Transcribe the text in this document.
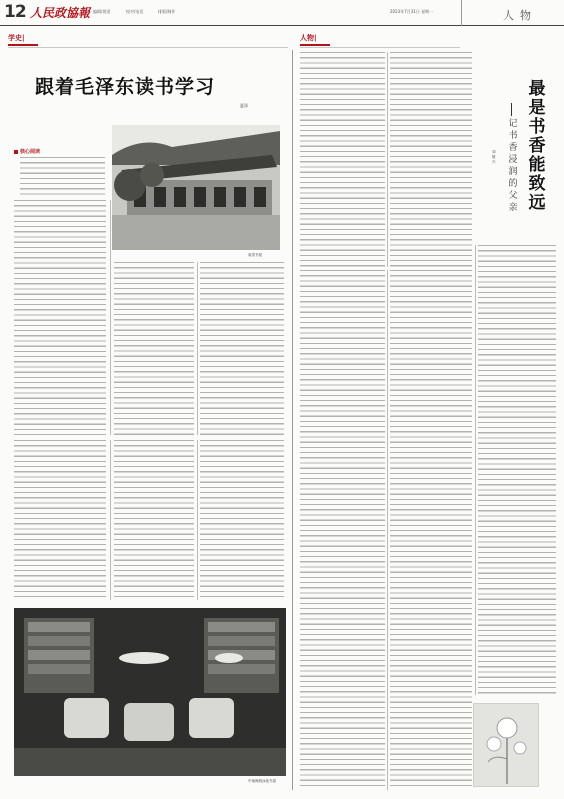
12 人民政協報 编辑/视觉	校对/电话	排版/制作	2023年7月31日 星期一	人物
学史|	人物|
跟着毛泽东读书学习
夏添
核心阅读
菊香书屋
中南海游泳池书屋
最是书香能致远
记书香浸润的父亲
刘继兴
